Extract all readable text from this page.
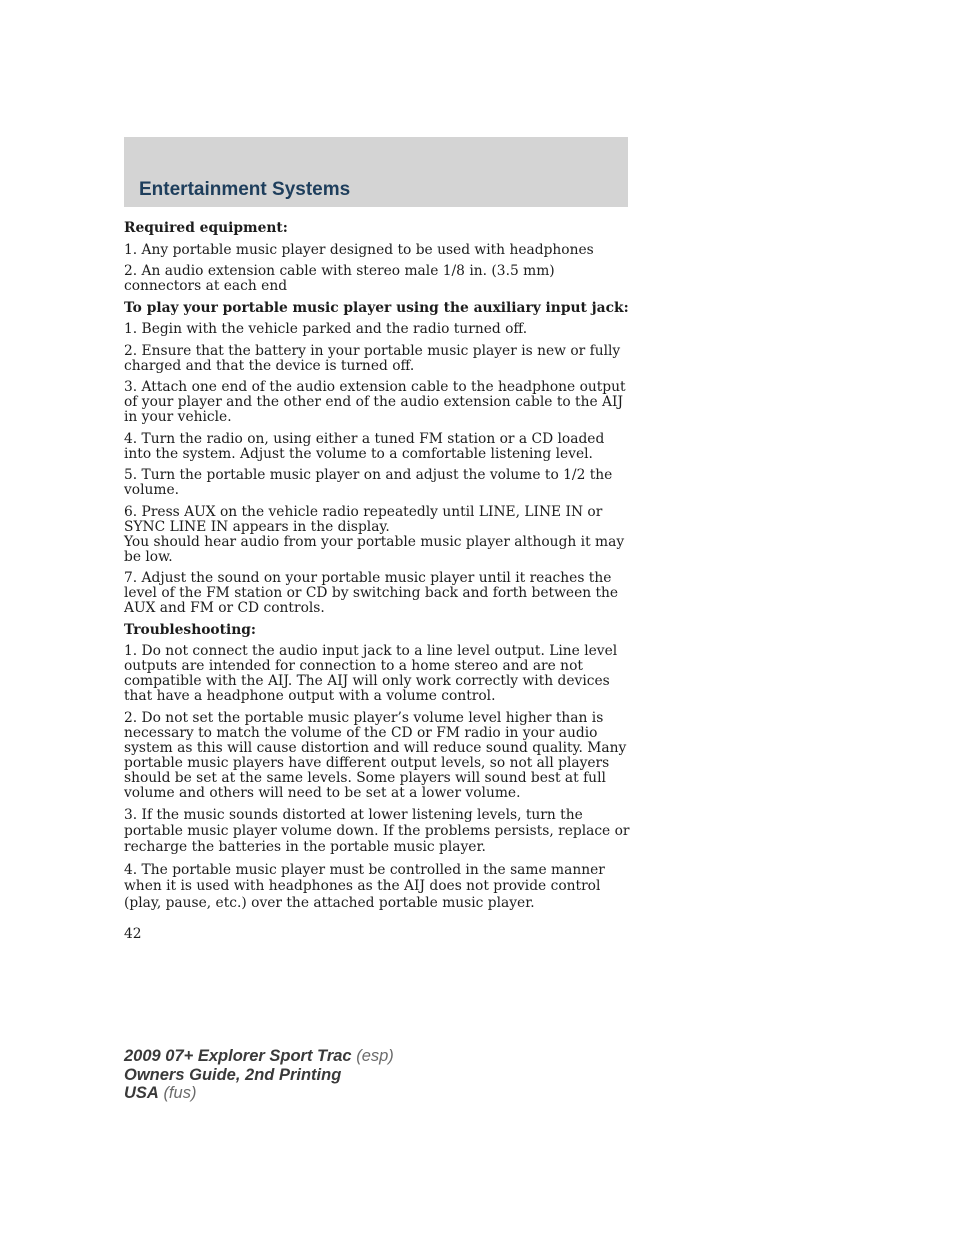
Entertainment Systems

Required equipment:

1. Any portable music player designed to be used with headphones

2. An audio extension cable with stereo male 1/8 in. (3.5 mm) connectors at each end

To play your portable music player using the auxiliary input jack:

1. Begin with the vehicle parked and the radio turned off.

2. Ensure that the battery in your portable music player is new or fully charged and that the device is turned off.

3. Attach one end of the audio extension cable to the headphone output of your player and the other end of the audio extension cable to the AIJ in your vehicle.

4. Turn the radio on, using either a tuned FM station or a CD loaded into the system. Adjust the volume to a comfortable listening level.

5. Turn the portable music player on and adjust the volume to 1/2 the volume.

6. Press AUX on the vehicle radio repeatedly until LINE, LINE IN or SYNC LINE IN appears in the display.

You should hear audio from your portable music player although it may be low.

7. Adjust the sound on your portable music player until it reaches the level of the FM station or CD by switching back and forth between the AUX and FM or CD controls.

Troubleshooting:

1. Do not connect the audio input jack to a line level output. Line level outputs are intended for connection to a home stereo and are not compatible with the AIJ. The AIJ will only work correctly with devices that have a headphone output with a volume control.

2. Do not set the portable music player’s volume level higher than is necessary to match the volume of the CD or FM radio in your audio system as this will cause distortion and will reduce sound quality. Many portable music players have different output levels, so not all players should be set at the same levels. Some players will sound best at full volume and others will need to be set at a lower volume.

3. If the music sounds distorted at lower listening levels, turn the portable music player volume down. If the problems persists, replace or recharge the batteries in the portable music player.

4. The portable music player must be controlled in the same manner when it is used with headphones as the AIJ does not provide control (play, pause, etc.) over the attached portable music player.

42
2009 07+ Explorer Sport Trac (esp)
Owners Guide, 2nd Printing
USA (fus)
